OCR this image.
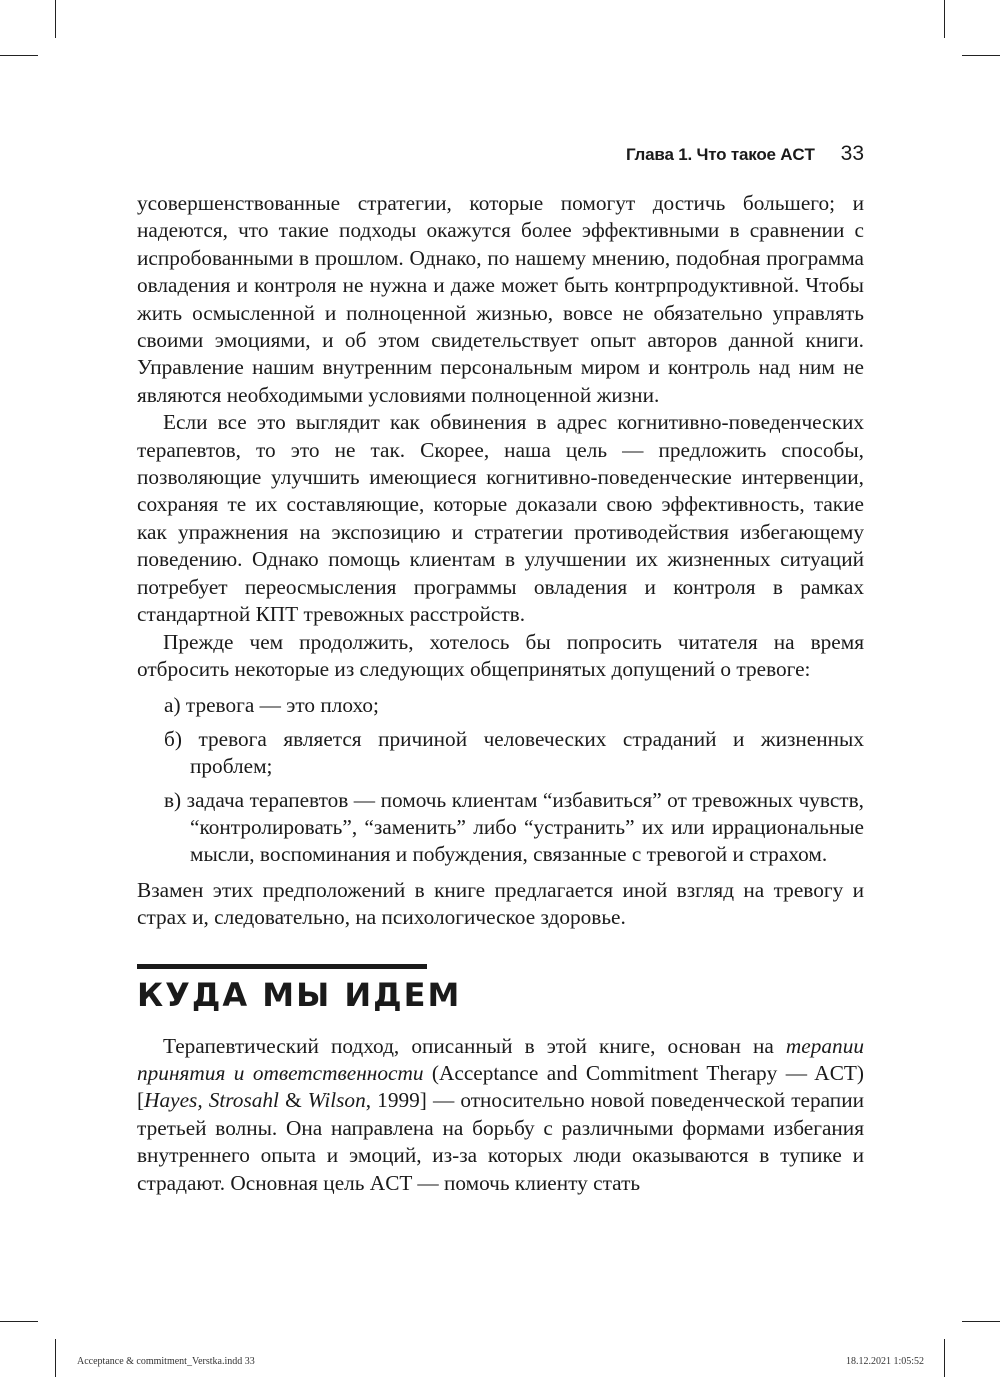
Глава 1. Что такое ACT 33

усовершенствованные стратегии, которые помогут достичь большего; и надеются, что такие подходы окажутся более эффективными в сравнении с испробованными в прошлом. Однако, по нашему мнению, подобная программа овладения и контроля не нужна и даже может быть контрпродуктивной. Чтобы жить осмысленной и полноценной жизнью, вовсе не обязательно управлять своими эмоциями, и об этом свидетельствует опыт авторов данной книги. Управление нашим внутренним персональным миром и контроль над ним не являются необходимыми условиями полноценной жизни.

Если все это выглядит как обвинения в адрес когнитивно-поведенческих терапевтов, то это не так. Скорее, наша цель — предложить способы, позволяющие улучшить имеющиеся когнитивно-поведенческие интервенции, сохраняя те их составляющие, которые доказали свою эффективность, такие как упражнения на экспозицию и стратегии противодействия избегающему поведению. Однако помощь клиентам в улучшении их жизненных ситуаций потребует переосмысления программы овладения и контроля в рамках стандартной КПТ тревожных расстройств.

Прежде чем продолжить, хотелось бы попросить читателя на время отбросить некоторые из следующих общепринятых допущений о тревоге:

а) тревога — это плохо;
б) тревога является причиной человеческих страданий и жизненных проблем;
в) задача терапевтов — помочь клиентам “избавиться” от тревожных чувств, “контролировать”, “заменить” либо “устранить” их или иррациональные мысли, воспоминания и побуждения, связанные с тревогой и страхом.

Взамен этих предположений в книге предлагается иной взгляд на тревогу и страх и, следовательно, на психологическое здоровье.

КУДА МЫ ИДЕМ

Терапевтический подход, описанный в этой книге, основан на терапии принятия и ответственности (Acceptance and Commitment Therapy — ACT) [Hayes, Strosahl & Wilson, 1999] — относительно новой поведенческой терапии третьей волны. Она направлена на борьбу с различными формами избегания внутреннего опыта и эмоций, из-за которых люди оказываются в тупике и страдают. Основная цель ACT — помочь клиенту стать

Acceptance & commitment_Verstka.indd 33	18.12.2021 1:05:52
